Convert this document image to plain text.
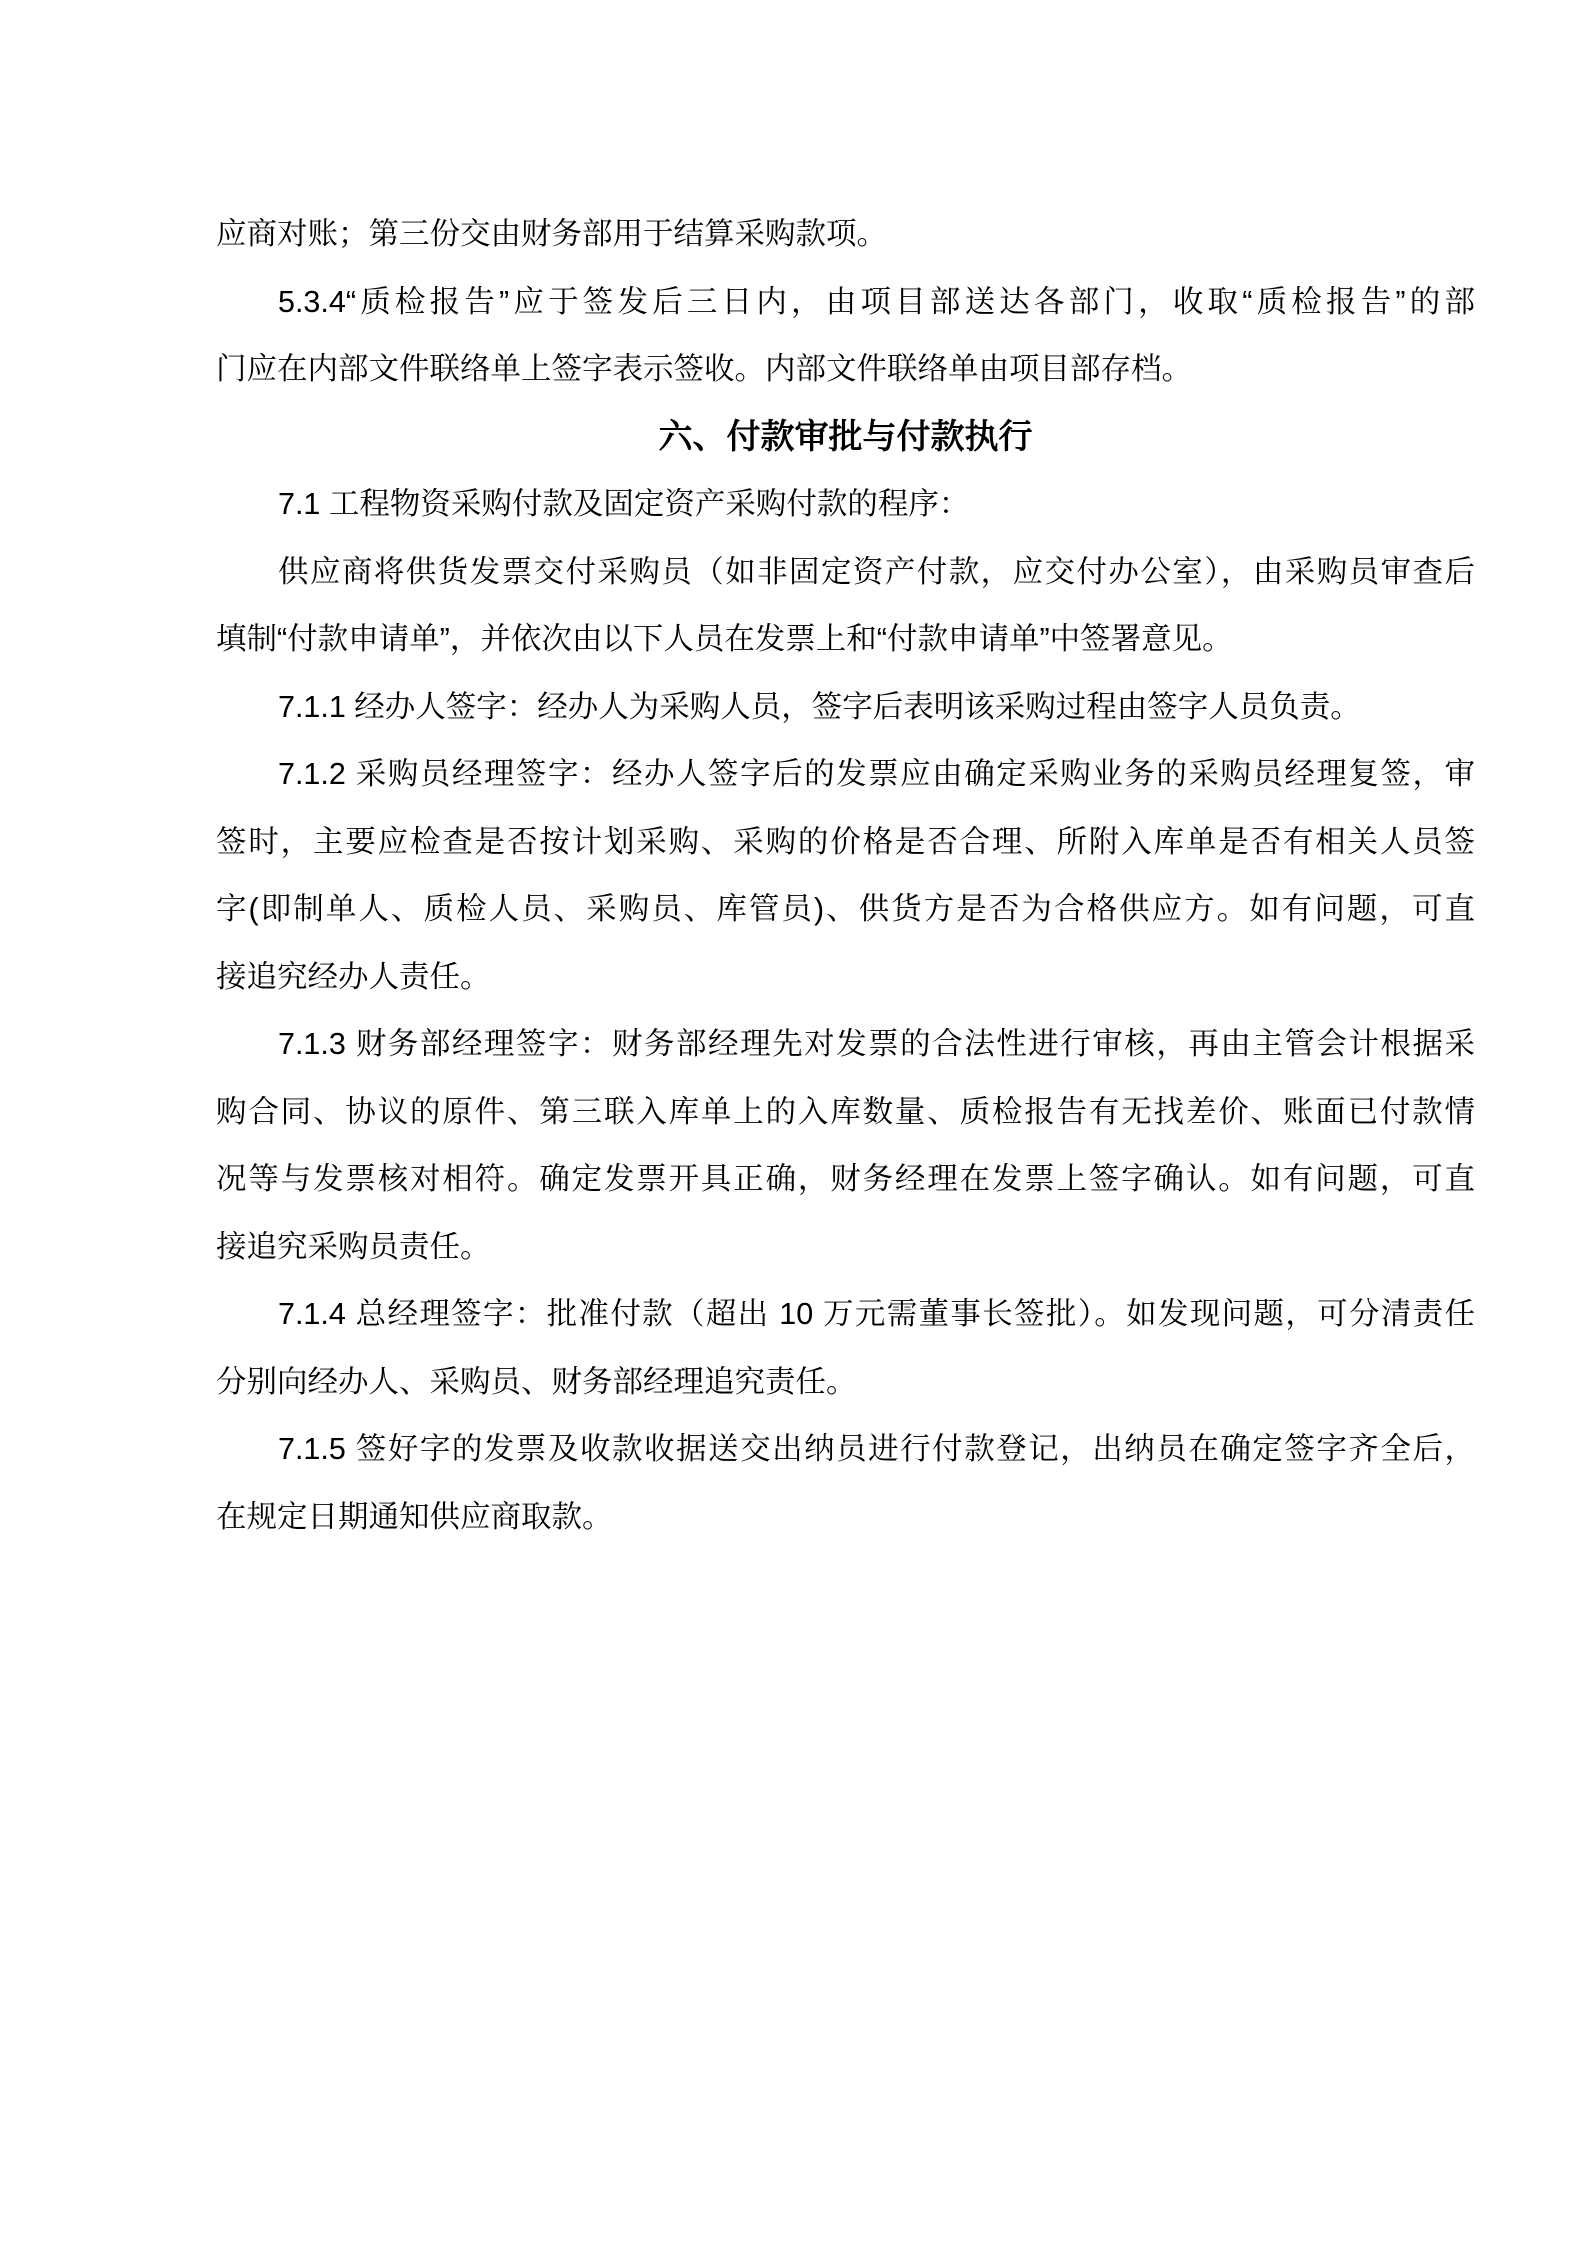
应商对账；第三份交由财务部用于结算采购款项。
5.3.4“质检报告”应于签发后三日内，由项目部送达各部门，收取“质检报告”的部
门应在内部文件联络单上签字表示签收。内部文件联络单由项目部存档。
六、付款审批与付款执行
7.1 工程物资采购付款及固定资产采购付款的程序：
供应商将供货发票交付采购员（如非固定资产付款，应交付办公室），由采购员审查后
填制“付款申请单”，并依次由以下人员在发票上和“付款申请单”中签署意见。
7.1.1 经办人签字：经办人为采购人员，签字后表明该采购过程由签字人员负责。
7.1.2 采购员经理签字：经办人签字后的发票应由确定采购业务的采购员经理复签，审
签时，主要应检查是否按计划采购、采购的价格是否合理、所附入库单是否有相关人员签
字(即制单人、质检人员、采购员、库管员)、供货方是否为合格供应方。如有问题，可直
接追究经办人责任。
7.1.3 财务部经理签字：财务部经理先对发票的合法性进行审核，再由主管会计根据采
购合同、协议的原件、第三联入库单上的入库数量、质检报告有无找差价、账面已付款情
况等与发票核对相符。确定发票开具正确，财务经理在发票上签字确认。如有问题，可直
接追究采购员责任。
7.1.4 总经理签字：批准付款（超出 10 万元需董事长签批）。如发现问题，可分清责任
分别向经办人、采购员、财务部经理追究责任。
7.1.5 签好字的发票及收款收据送交出纳员进行付款登记，出纳员在确定签字齐全后，
在规定日期通知供应商取款。
